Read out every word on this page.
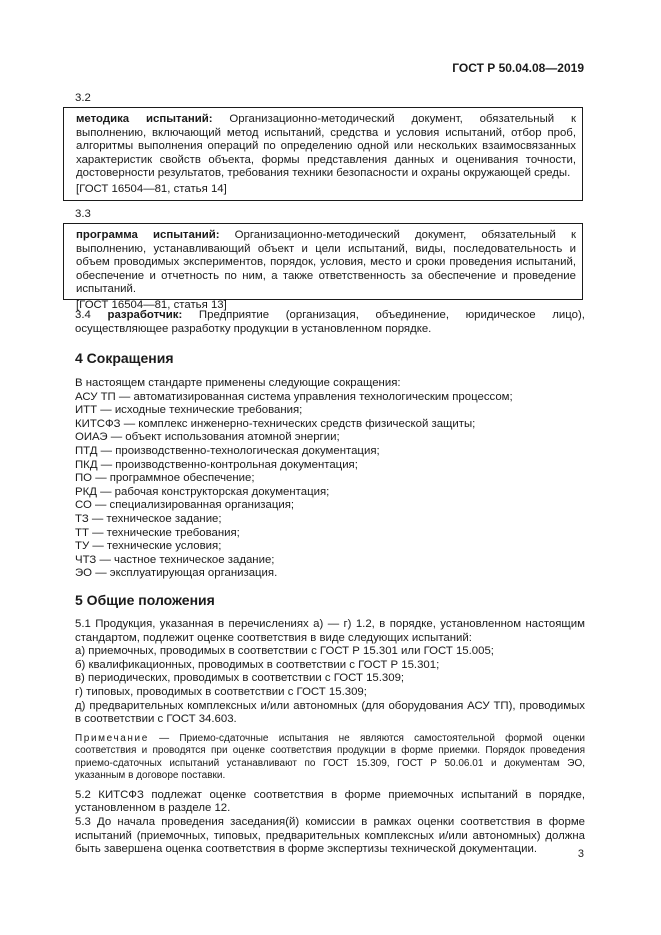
ГОСТ Р 50.04.08—2019
3.2

методика испытаний: Организационно-методический документ, обязательный к выполнению, включающий метод испытаний, средства и условия испытаний, отбор проб, алгоритмы выполнения операций по определению одной или нескольких взаимосвязанных характеристик свойств объекта, формы представления данных и оценивания точности, достоверности результатов, требования техники безопасности и охраны окружающей среды.

[ГОСТ 16504—81, статья 14]

3.3

программа испытаний: Организационно-методический документ, обязательный к выполнению, устанавливающий объект и цели испытаний, виды, последовательность и объем проводимых экспериментов, порядок, условия, место и сроки проведения испытаний, обеспечение и отчетность по ним, а также ответственность за обеспечение и проведение испытаний.

[ГОСТ 16504—81, статья 13]

3.4 разработчик: Предприятие (организация, объединение, юридическое лицо), осуществляющее разработку продукции в установленном порядке.

4 Сокращения

В настоящем стандарте применены следующие сокращения:

АСУ ТП — автоматизированная система управления технологическим процессом;

ИТТ — исходные технические требования;

КИТСФЗ — комплекс инженерно-технических средств физической защиты;

ОИАЭ — объект использования атомной энергии;

ПТД — производственно-технологическая документация;

ПКД — производственно-контрольная документация;

ПО — программное обеспечение;

РКД — рабочая конструкторская документация;

СО — специализированная организация;

ТЗ — техническое задание;

ТТ — технические требования;

ТУ — технические условия;

ЧТЗ — частное техническое задание;

ЭО — эксплуатирующая организация.

5 Общие положения

5.1 Продукция, указанная в перечислениях а) — г) 1.2, в порядке, установленном настоящим стандартом, подлежит оценке соответствия в виде следующих испытаний:

а) приемочных, проводимых в соответствии с ГОСТ Р 15.301 или ГОСТ 15.005;

б) квалификационных, проводимых в соответствии с ГОСТ Р 15.301;

в) периодических, проводимых в соответствии с ГОСТ 15.309;

г) типовых, проводимых в соответствии с ГОСТ 15.309;

д) предварительных комплексных и/или автономных (для оборудования АСУ ТП), проводимых в соответствии с ГОСТ 34.603.

Примечание — Приемо-сдаточные испытания не являются самостоятельной формой оценки соответствия и проводятся при оценке соответствия продукции в форме приемки. Порядок проведения приемо-сдаточных испытаний устанавливают по ГОСТ 15.309, ГОСТ Р 50.06.01 и документам ЭО, указанным в договоре поставки.

5.2 КИТСФЗ подлежат оценке соответствия в форме приемочных испытаний в порядке, установленном в разделе 12.

5.3 До начала проведения заседания(й) комиссии в рамках оценки соответствия в форме испытаний (приемочных, типовых, предварительных комплексных и/или автономных) должна быть завершена оценка соответствия в форме экспертизы технической документации.	3
